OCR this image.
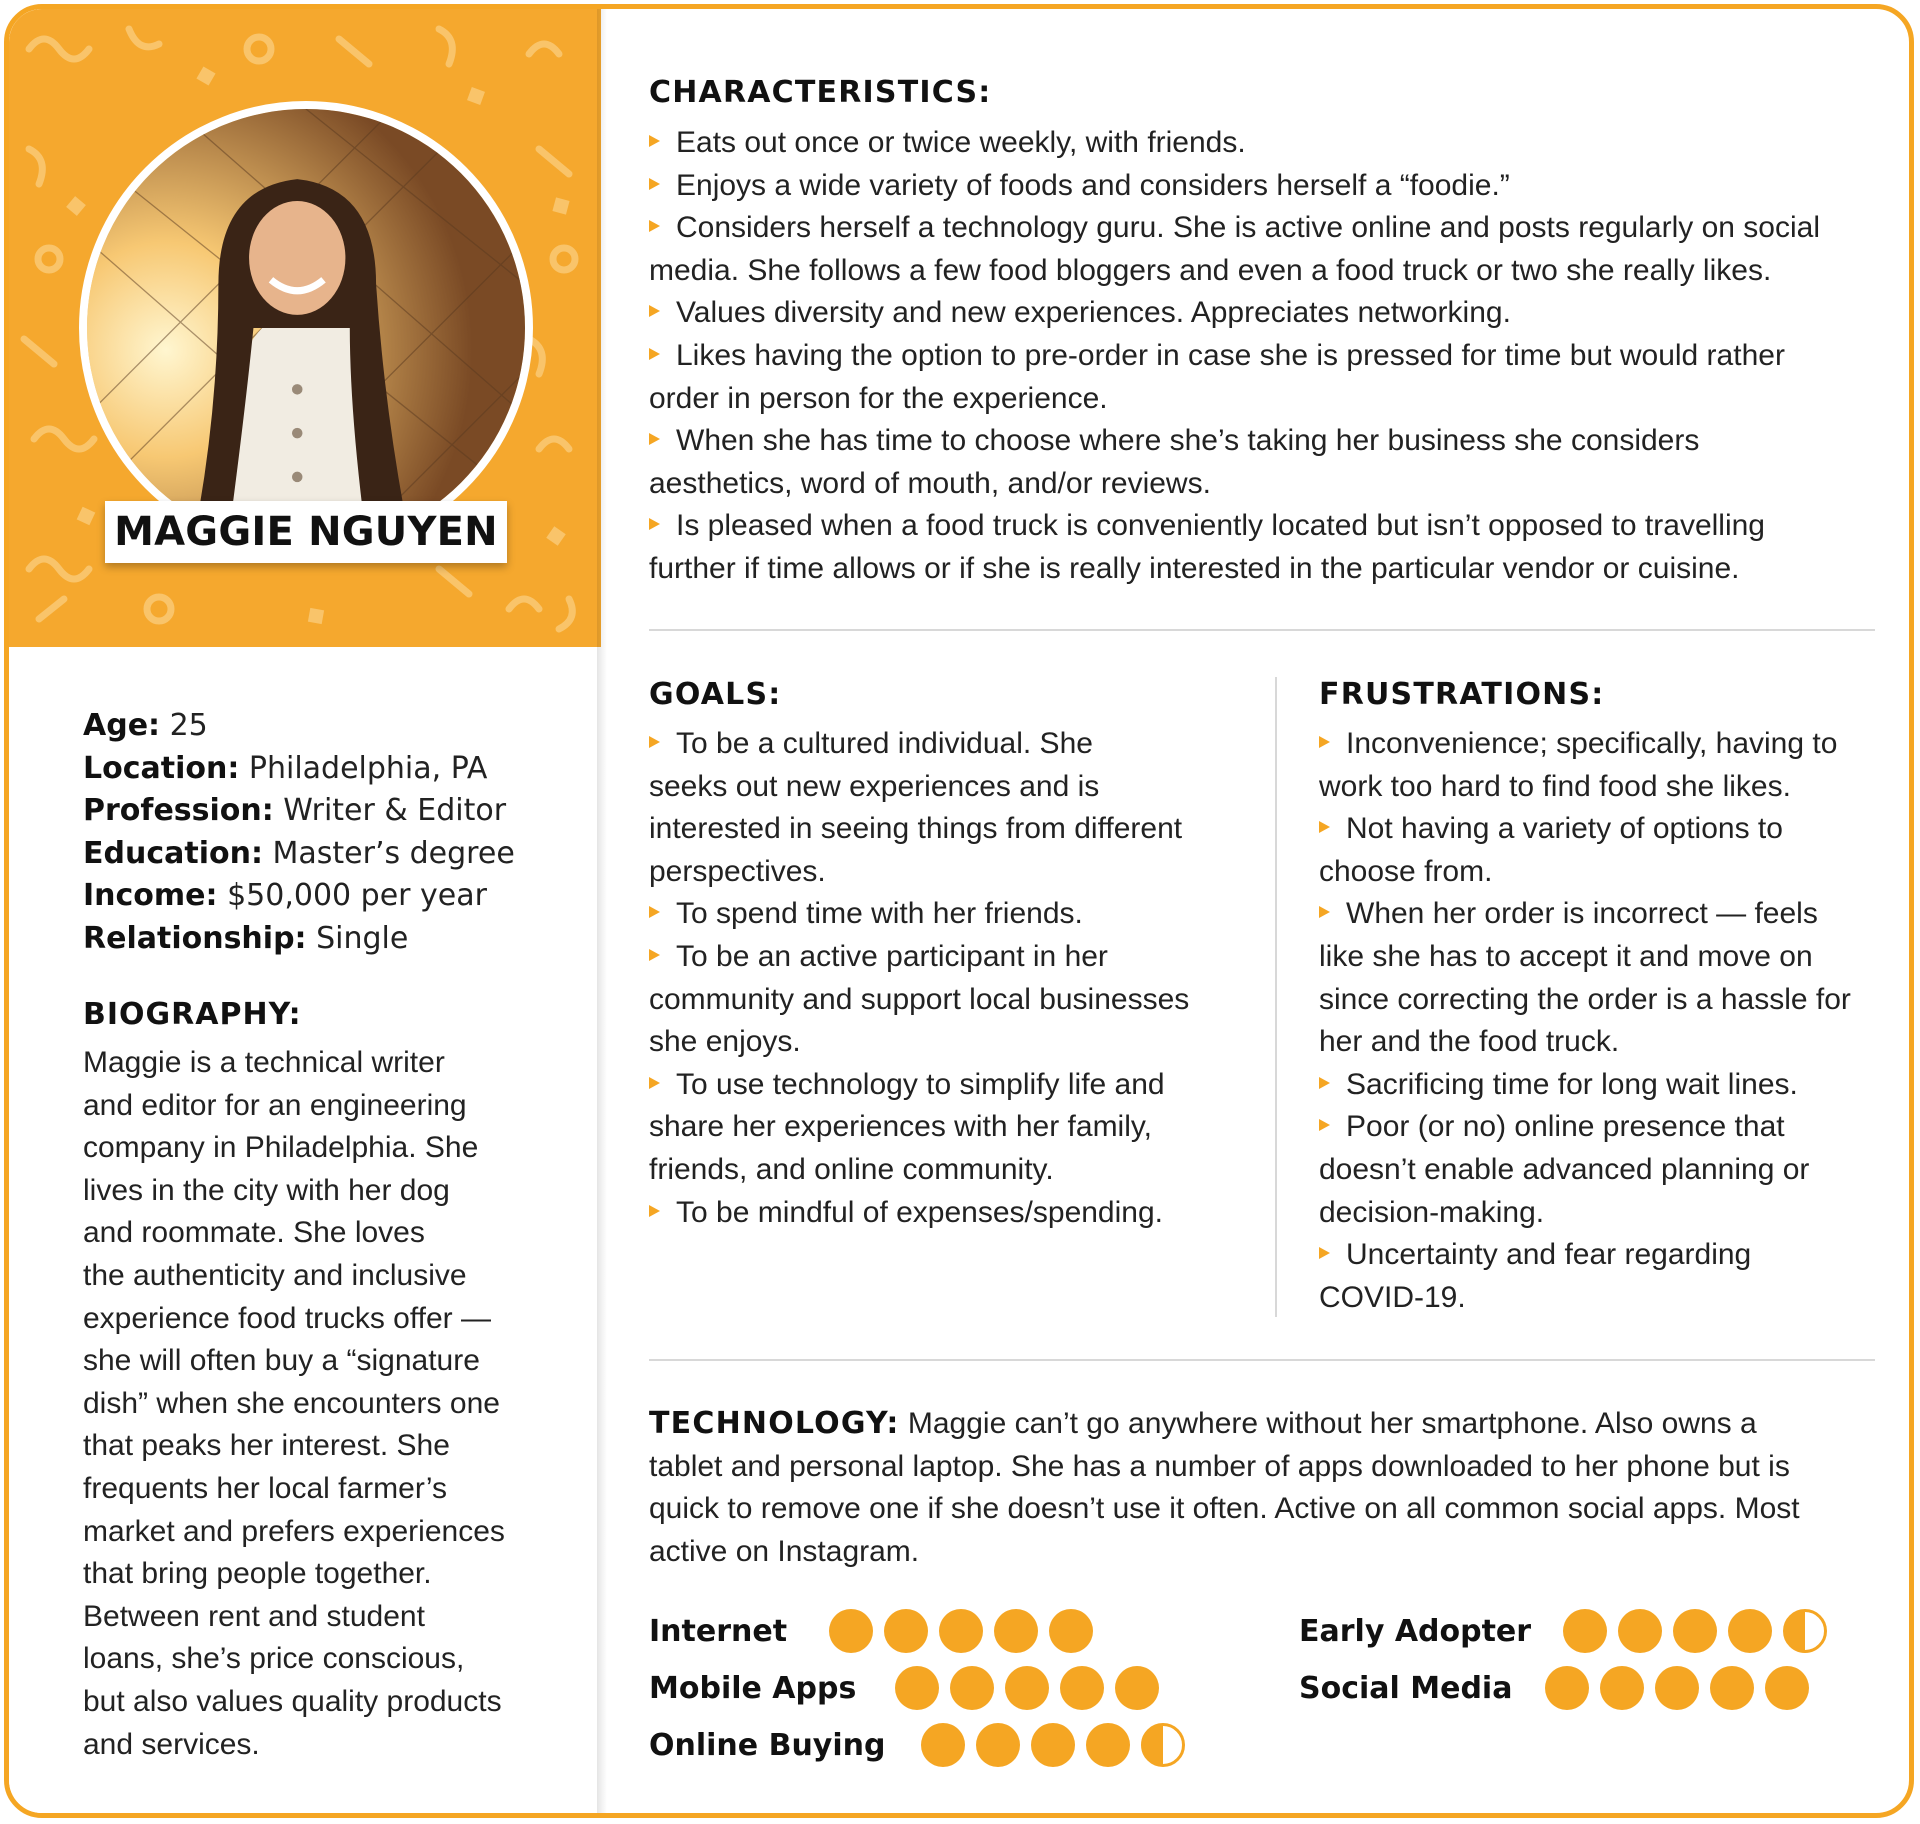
MAGGIE NGUYEN
Age: 25
Location: Philadelphia, PA
Profession: Writer & Editor
Education: Master’s degree
Income: $50,000 per year
Relationship: Single
BIOGRAPHY:
Maggie is a technical writer
and editor for an engineering
company in Philadelphia. She
lives in the city with her dog
and roommate. She loves
the authenticity and inclusive
experience food trucks offer —
she will often buy a “signature
dish” when she encounters one
that peaks her interest. She
frequents her local farmer’s
market and prefers experiences
that bring people together.
Between rent and student
loans, she’s price conscious,
but also values quality products
and services.
CHARACTERISTICS:
Eats out once or twice weekly, with friends.
Enjoys a wide variety of foods and considers herself a “foodie.”
Considers herself a technology guru. She is active online and posts regularly on social
media. She follows a few food bloggers and even a food truck or two she really likes.
Values diversity and new experiences. Appreciates networking.
Likes having the option to pre-order in case she is pressed for time but would rather
order in person for the experience.
When she has time to choose where she’s taking her business she considers
aesthetics, word of mouth, and/or reviews.
Is pleased when a food truck is conveniently located but isn’t opposed to travelling
further if time allows or if she is really interested in the particular vendor or cuisine.
GOALS:
To be a cultured individual. She
seeks out new experiences and is
interested in seeing things from different
perspectives.
To spend time with her friends.
To be an active participant in her
community and support local businesses
she enjoys.
To use technology to simplify life and
share her experiences with her family,
friends, and online community.
To be mindful of expenses/spending.
FRUSTRATIONS:
Inconvenience; specifically, having to
work too hard to find food she likes.
Not having a variety of options to
choose from.
When her order is incorrect — feels
like she has to accept it and move on
since correcting the order is a hassle for
her and the food truck.
Sacrificing time for long wait lines.
Poor (or no) online presence that
doesn’t enable advanced planning or
decision-making.
Uncertainty and fear regarding
COVID-19.
TECHNOLOGY: Maggie can’t go anywhere without her smartphone. Also owns a
tablet and personal laptop. She has a number of apps downloaded to her phone but is
quick to remove one if she doesn’t use it often. Active on all common social apps. Most
active on Instagram.
Internet
Mobile Apps
Online Buying
Early Adopter
Social Media
